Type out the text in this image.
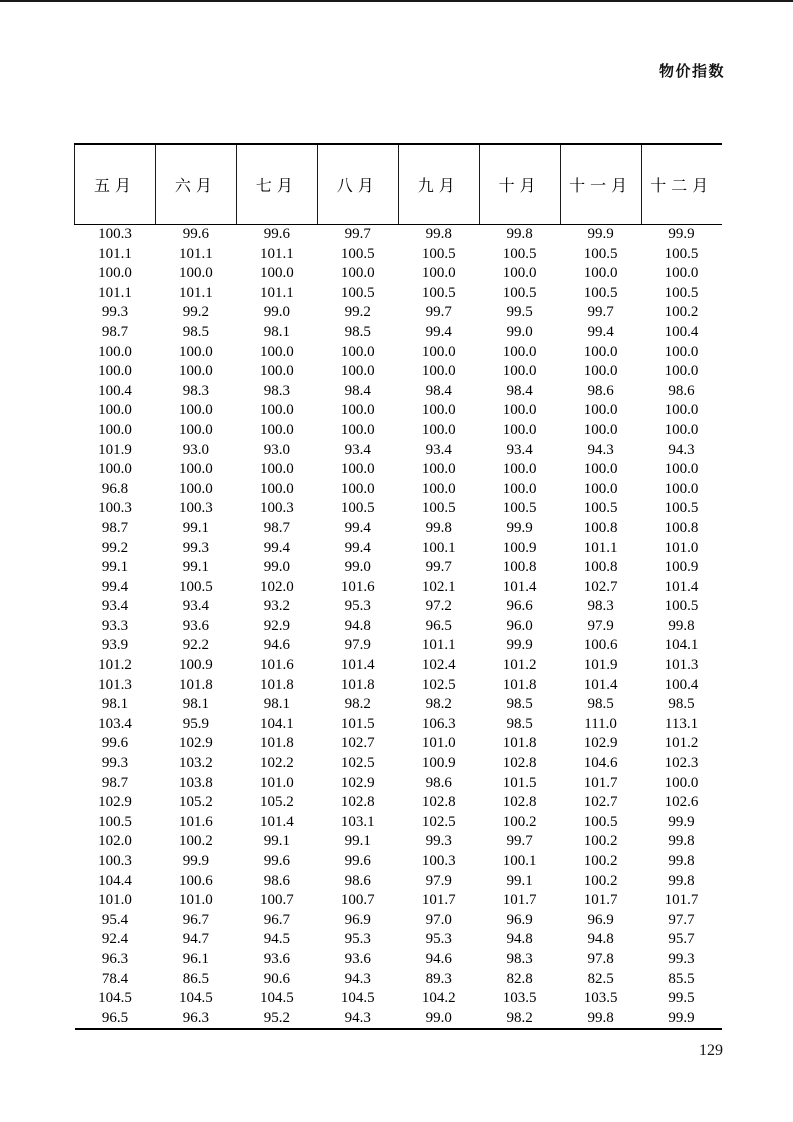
物价指数
五月	六月	七月	八月	九月	十月	十一月	十二月
100.3	99.6	99.6	99.7	99.8	99.8	99.9	99.9
101.1	101.1	101.1	100.5	100.5	100.5	100.5	100.5
100.0	100.0	100.0	100.0	100.0	100.0	100.0	100.0
101.1	101.1	101.1	100.5	100.5	100.5	100.5	100.5
99.3	99.2	99.0	99.2	99.7	99.5	99.7	100.2
98.7	98.5	98.1	98.5	99.4	99.0	99.4	100.4
100.0	100.0	100.0	100.0	100.0	100.0	100.0	100.0
100.0	100.0	100.0	100.0	100.0	100.0	100.0	100.0
100.4	98.3	98.3	98.4	98.4	98.4	98.6	98.6
100.0	100.0	100.0	100.0	100.0	100.0	100.0	100.0
100.0	100.0	100.0	100.0	100.0	100.0	100.0	100.0
101.9	93.0	93.0	93.4	93.4	93.4	94.3	94.3
100.0	100.0	100.0	100.0	100.0	100.0	100.0	100.0
96.8	100.0	100.0	100.0	100.0	100.0	100.0	100.0
100.3	100.3	100.3	100.5	100.5	100.5	100.5	100.5
98.7	99.1	98.7	99.4	99.8	99.9	100.8	100.8
99.2	99.3	99.4	99.4	100.1	100.9	101.1	101.0
99.1	99.1	99.0	99.0	99.7	100.8	100.8	100.9
99.4	100.5	102.0	101.6	102.1	101.4	102.7	101.4
93.4	93.4	93.2	95.3	97.2	96.6	98.3	100.5
93.3	93.6	92.9	94.8	96.5	96.0	97.9	99.8
93.9	92.2	94.6	97.9	101.1	99.9	100.6	104.1
101.2	100.9	101.6	101.4	102.4	101.2	101.9	101.3
101.3	101.8	101.8	101.8	102.5	101.8	101.4	100.4
98.1	98.1	98.1	98.2	98.2	98.5	98.5	98.5
103.4	95.9	104.1	101.5	106.3	98.5	111.0	113.1
99.6	102.9	101.8	102.7	101.0	101.8	102.9	101.2
99.3	103.2	102.2	102.5	100.9	102.8	104.6	102.3
98.7	103.8	101.0	102.9	98.6	101.5	101.7	100.0
102.9	105.2	105.2	102.8	102.8	102.8	102.7	102.6
100.5	101.6	101.4	103.1	102.5	100.2	100.5	99.9
102.0	100.2	99.1	99.1	99.3	99.7	100.2	99.8
100.3	99.9	99.6	99.6	100.3	100.1	100.2	99.8
104.4	100.6	98.6	98.6	97.9	99.1	100.2	99.8
101.0	101.0	100.7	100.7	101.7	101.7	101.7	101.7
95.4	96.7	96.7	96.9	97.0	96.9	96.9	97.7
92.4	94.7	94.5	95.3	95.3	94.8	94.8	95.7
96.3	96.1	93.6	93.6	94.6	98.3	97.8	99.3
78.4	86.5	90.6	94.3	89.3	82.8	82.5	85.5
104.5	104.5	104.5	104.5	104.2	103.5	103.5	99.5
96.5	96.3	95.2	94.3	99.0	98.2	99.8	99.9
129
